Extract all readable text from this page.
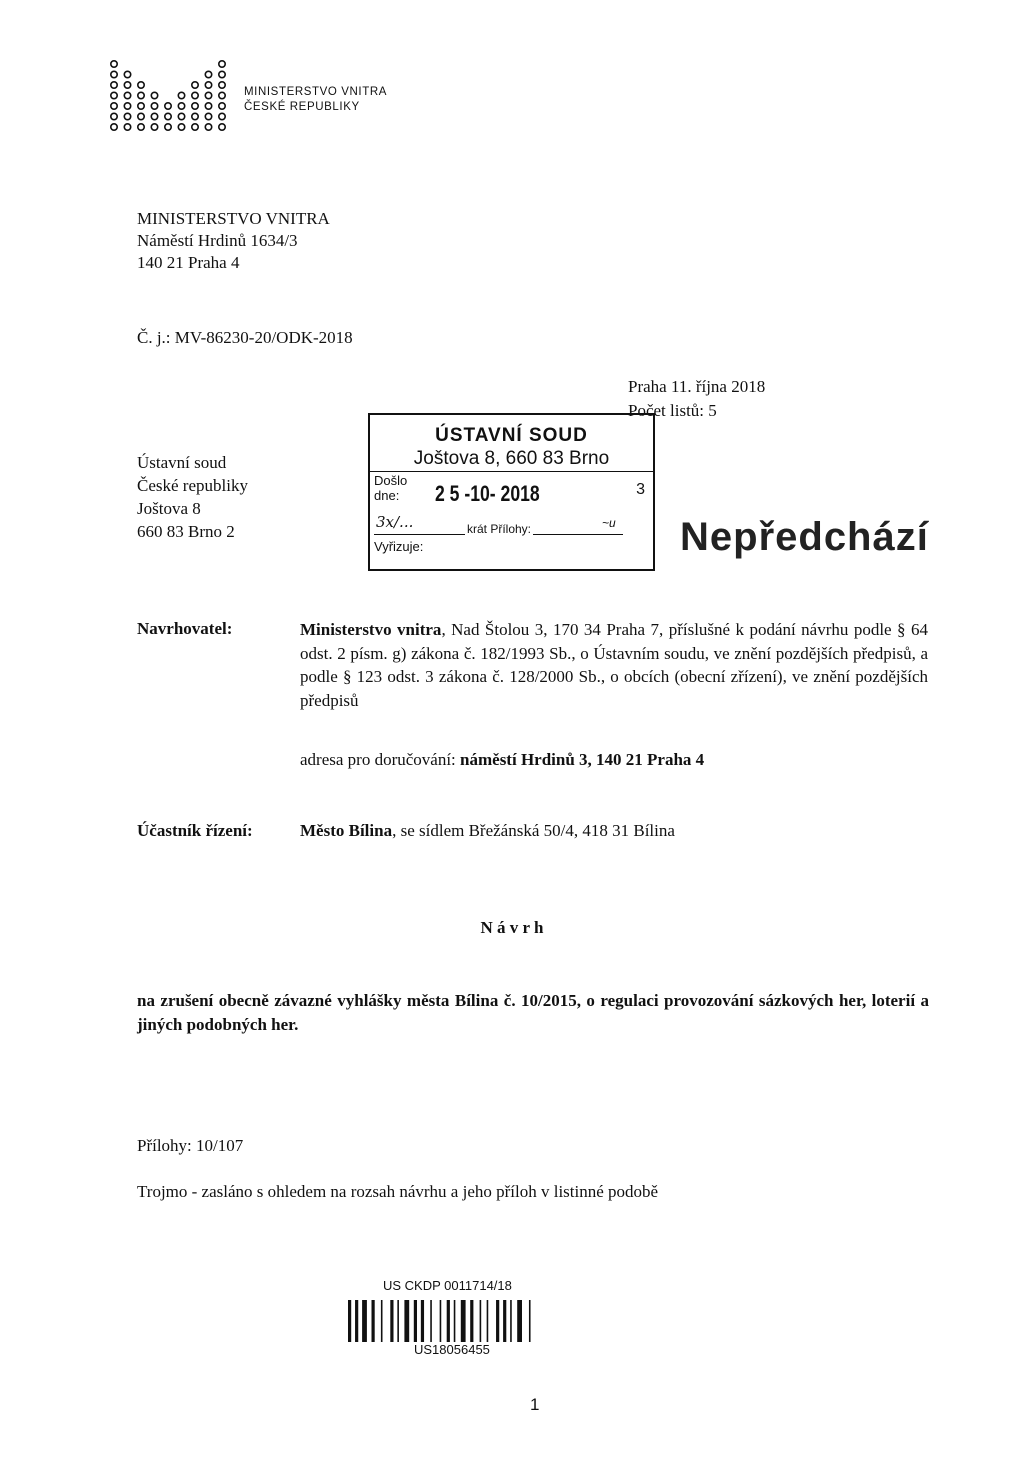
MINISTERSTVO VNITRA
ČESKÉ REPUBLIKY
MINISTERSTVO VNITRA
Náměstí Hrdinů 1634/3
140 21 Praha 4
Č. j.: MV-86230-20/ODK-2018
Praha 11. října 2018
Počet listů: 5
Ústavní soud
České republiky
Joštova 8
660 83 Brno 2
ÚSTAVNÍ SOUD
Joštova 8, 660 83 Brno
Došlo
dne:	2 5 -10- 2018	3
3x/...	krát Přílohy:	~u
Vyřizuje:	Nepředchází
Navrhovatel:	Ministerstvo vnitra, Nad Štolou 3, 170 34 Praha 7, příslušné k podání návrhu podle § 64 odst. 2 písm. g) zákona č. 182/1993 Sb., o Ústavním soudu, ve znění pozdějších předpisů, a podle § 123 odst. 3 zákona č. 128/2000 Sb., o obcích (obecní zřízení), ve znění pozdějších předpisů
adresa pro doručování: náměstí Hrdinů 3, 140 21 Praha 4
Účastník řízení:	Město Bílina, se sídlem Břežánská 50/4, 418 31 Bílina
N á v r h
na zrušení obecně závazné vyhlášky města Bílina č. 10/2015, o regulaci provozování sázkových her, loterií a jiných podobných her.
Přílohy: 10/107
Trojmo - zasláno s ohledem na rozsah návrhu a jeho příloh v listinné podobě
US CKDP 0011714/18
US18056455
1
